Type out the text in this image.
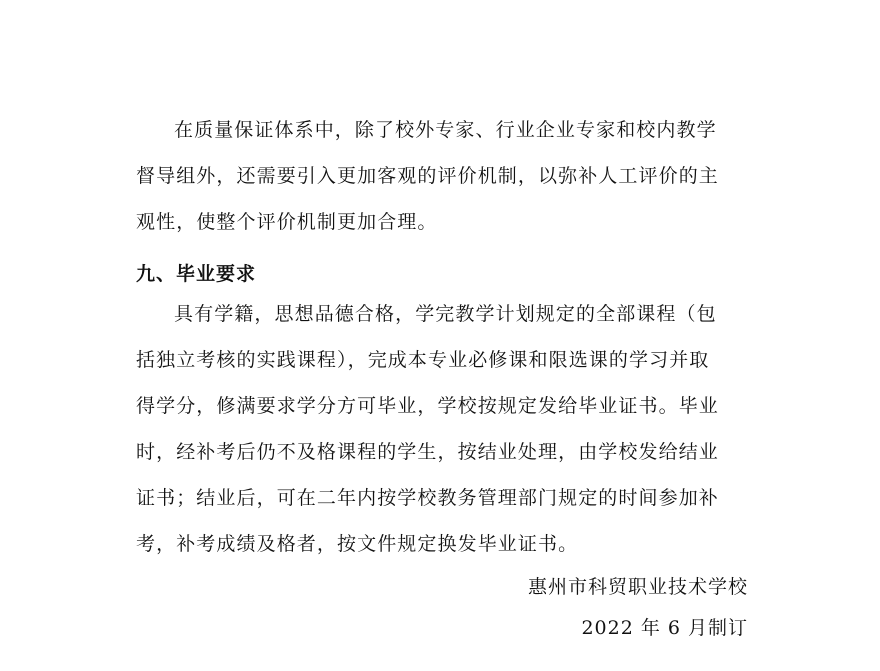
在质量保证体系中，除了校外专家、行业企业专家和校内教学
督导组外，还需要引入更加客观的评价机制，以弥补人工评价的主
观性，使整个评价机制更加合理。
九、毕业要求
具有学籍，思想品德合格，学完教学计划规定的全部课程（包
括独立考核的实践课程），完成本专业必修课和限选课的学习并取
得学分，修满要求学分方可毕业，学校按规定发给毕业证书。毕业
时，经补考后仍不及格课程的学生，按结业处理，由学校发给结业
证书；结业后，可在二年内按学校教务管理部门规定的时间参加补
考，补考成绩及格者，按文件规定换发毕业证书。
惠州市科贸职业技术学校
2022 年 6 月制订
